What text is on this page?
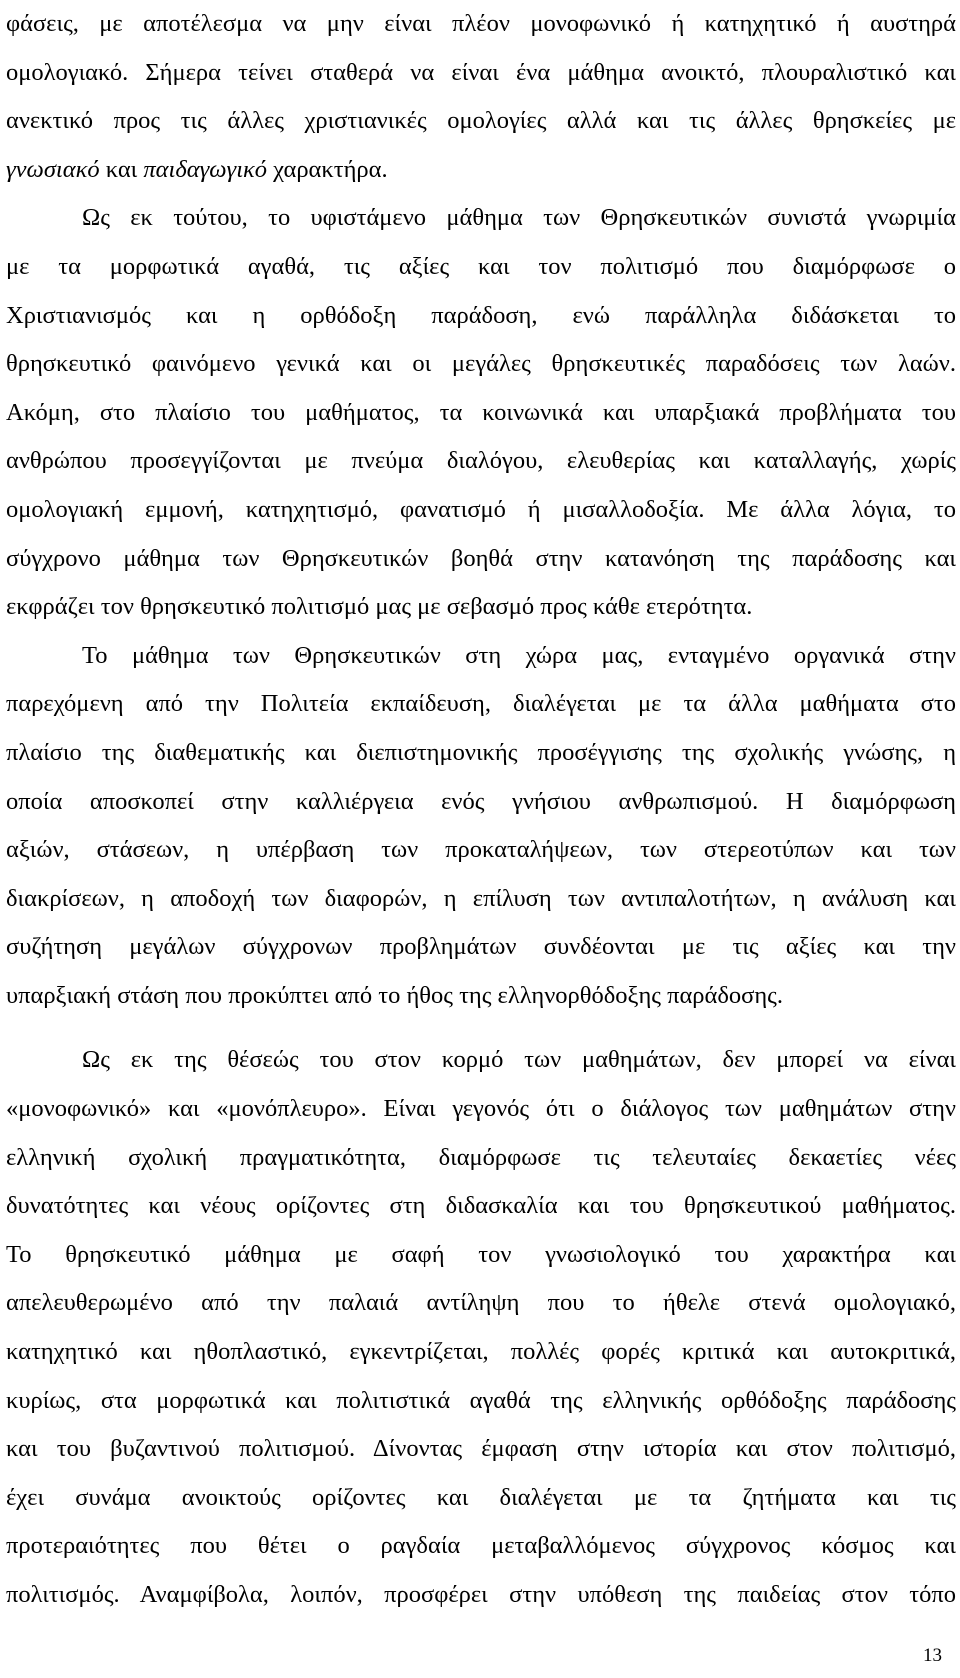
φάσεις, με αποτέλεσμα να μην είναι πλέον μονοφωνικό ή κατηχητικό ή αυστηρά
ομολογιακό. Σήμερα τείνει σταθερά να είναι ένα μάθημα ανοικτό, πλουραλιστικό και
ανεκτικό προς τις άλλες χριστιανικές ομολογίες αλλά και τις άλλες θρησκείες με
γνωσιακό και παιδαγωγικό χαρακτήρα.
Ως εκ τούτου, το υφιστάμενο μάθημα των Θρησκευτικών συνιστά γνωριμία
με τα μορφωτικά αγαθά, τις αξίες και τον πολιτισμό που διαμόρφωσε ο
Χριστιανισμός και η ορθόδοξη παράδοση, ενώ παράλληλα διδάσκεται το
θρησκευτικό φαινόμενο γενικά και οι μεγάλες θρησκευτικές παραδόσεις των λαών.
Ακόμη, στο πλαίσιο του μαθήματος, τα κοινωνικά και υπαρξιακά προβλήματα του
ανθρώπου προσεγγίζονται με πνεύμα διαλόγου, ελευθερίας και καταλλαγής, χωρίς
ομολογιακή εμμονή, κατηχητισμό, φανατισμό ή μισαλλοδοξία. Με άλλα λόγια, το
σύγχρονο μάθημα των Θρησκευτικών βοηθά στην κατανόηση της παράδοσης και
εκφράζει τον θρησκευτικό πολιτισμό μας με σεβασμό προς κάθε ετερότητα.
Το μάθημα των Θρησκευτικών στη χώρα μας, ενταγμένο οργανικά στην
παρεχόμενη από την Πολιτεία εκπαίδευση, διαλέγεται με τα άλλα μαθήματα στο
πλαίσιο της διαθεματικής και διεπιστημονικής προσέγγισης της σχολικής γνώσης, η
οποία αποσκοπεί στην καλλιέργεια ενός γνήσιου ανθρωπισμού. Η διαμόρφωση
αξιών, στάσεων, η υπέρβαση των προκαταλήψεων, των στερεοτύπων και των
διακρίσεων, η αποδοχή των διαφορών, η επίλυση των αντιπαλοτήτων, η ανάλυση και
συζήτηση μεγάλων σύγχρονων προβλημάτων συνδέονται με τις αξίες και την
υπαρξιακή στάση που προκύπτει από το ήθος της ελληνορθόδοξης παράδοσης.
Ως εκ της θέσεώς του στον κορμό των μαθημάτων, δεν μπορεί να είναι
«μονοφωνικό» και «μονόπλευρο». Είναι γεγονός ότι ο διάλογος των μαθημάτων στην
ελληνική σχολική πραγματικότητα, διαμόρφωσε τις τελευταίες δεκαετίες νέες
δυνατότητες και νέους ορίζοντες στη διδασκαλία και του θρησκευτικού μαθήματος.
Το θρησκευτικό μάθημα με σαφή τον γνωσιολογικό του χαρακτήρα και
απελευθερωμένο από την παλαιά αντίληψη που το ήθελε στενά ομολογιακό,
κατηχητικό και ηθοπλαστικό, εγκεντρίζεται, πολλές φορές κριτικά και αυτοκριτικά,
κυρίως, στα μορφωτικά και πολιτιστικά αγαθά της ελληνικής ορθόδοξης παράδοσης
και του βυζαντινού πολιτισμού. Δίνοντας έμφαση στην ιστορία και στον πολιτισμό,
έχει συνάμα ανοικτούς ορίζοντες και διαλέγεται με τα ζητήματα και τις
προτεραιότητες που θέτει ο ραγδαία μεταβαλλόμενος σύγχρονος κόσμος και
πολιτισμός. Αναμφίβολα, λοιπόν, προσφέρει στην υπόθεση της παιδείας στον τόπο
13
